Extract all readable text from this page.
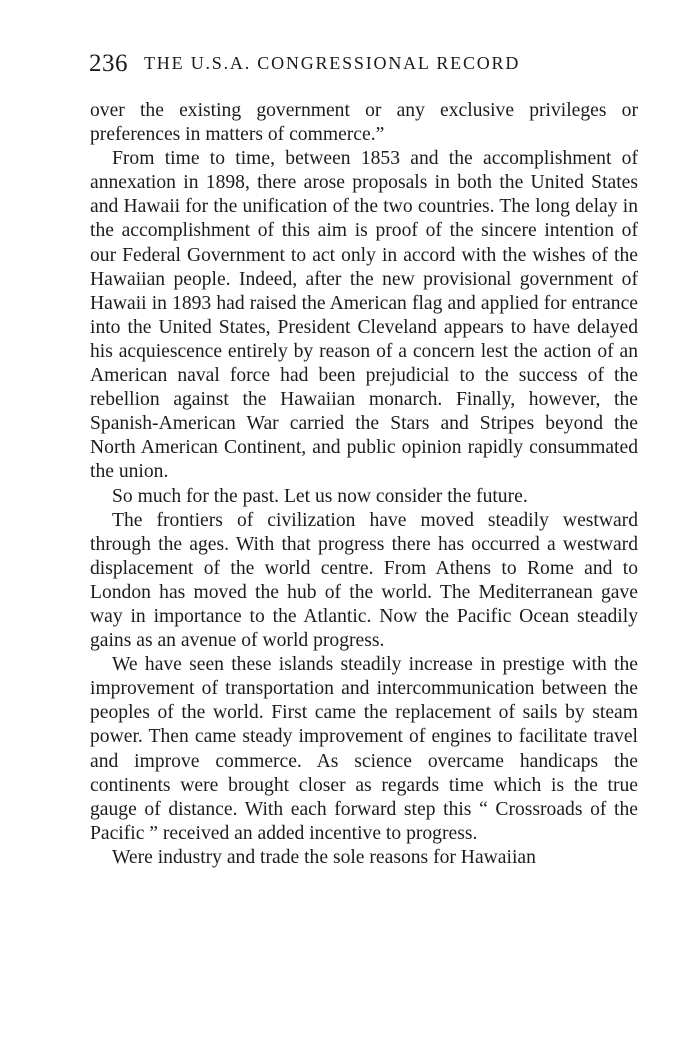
236 THE U.S.A. CONGRESSIONAL RECORD

over the existing government or any exclusive privileges or preferences in matters of commerce.”

From time to time, between 1853 and the accomplishment of annexation in 1898, there arose proposals in both the United States and Hawaii for the unification of the two countries. The long delay in the accomplishment of this aim is proof of the sincere intention of our Federal Government to act only in accord with the wishes of the Hawaiian people. Indeed, after the new provisional government of Hawaii in 1893 had raised the American flag and applied for entrance into the United States, President Cleveland appears to have delayed his acquiescence entirely by reason of a concern lest the action of an American naval force had been prejudicial to the success of the rebellion against the Hawaiian monarch. Finally, however, the Spanish-American War carried the Stars and Stripes beyond the North American Continent, and public opinion rapidly consummated the union.

So much for the past. Let us now consider the future.

The frontiers of civilization have moved steadily westward through the ages. With that progress there has occurred a westward displacement of the world centre. From Athens to Rome and to London has moved the hub of the world. The Mediterranean gave way in importance to the Atlantic. Now the Pacific Ocean steadily gains as an avenue of world progress.

We have seen these islands steadily increase in prestige with the improvement of transportation and intercommunication between the peoples of the world. First came the replacement of sails by steam power. Then came steady improvement of engines to facilitate travel and improve commerce. As science overcame handicaps the continents were brought closer as regards time which is the true gauge of distance. With each forward step this “ Crossroads of the Pacific ” received an added incentive to progress.

Were industry and trade the sole reasons for Hawaiian
